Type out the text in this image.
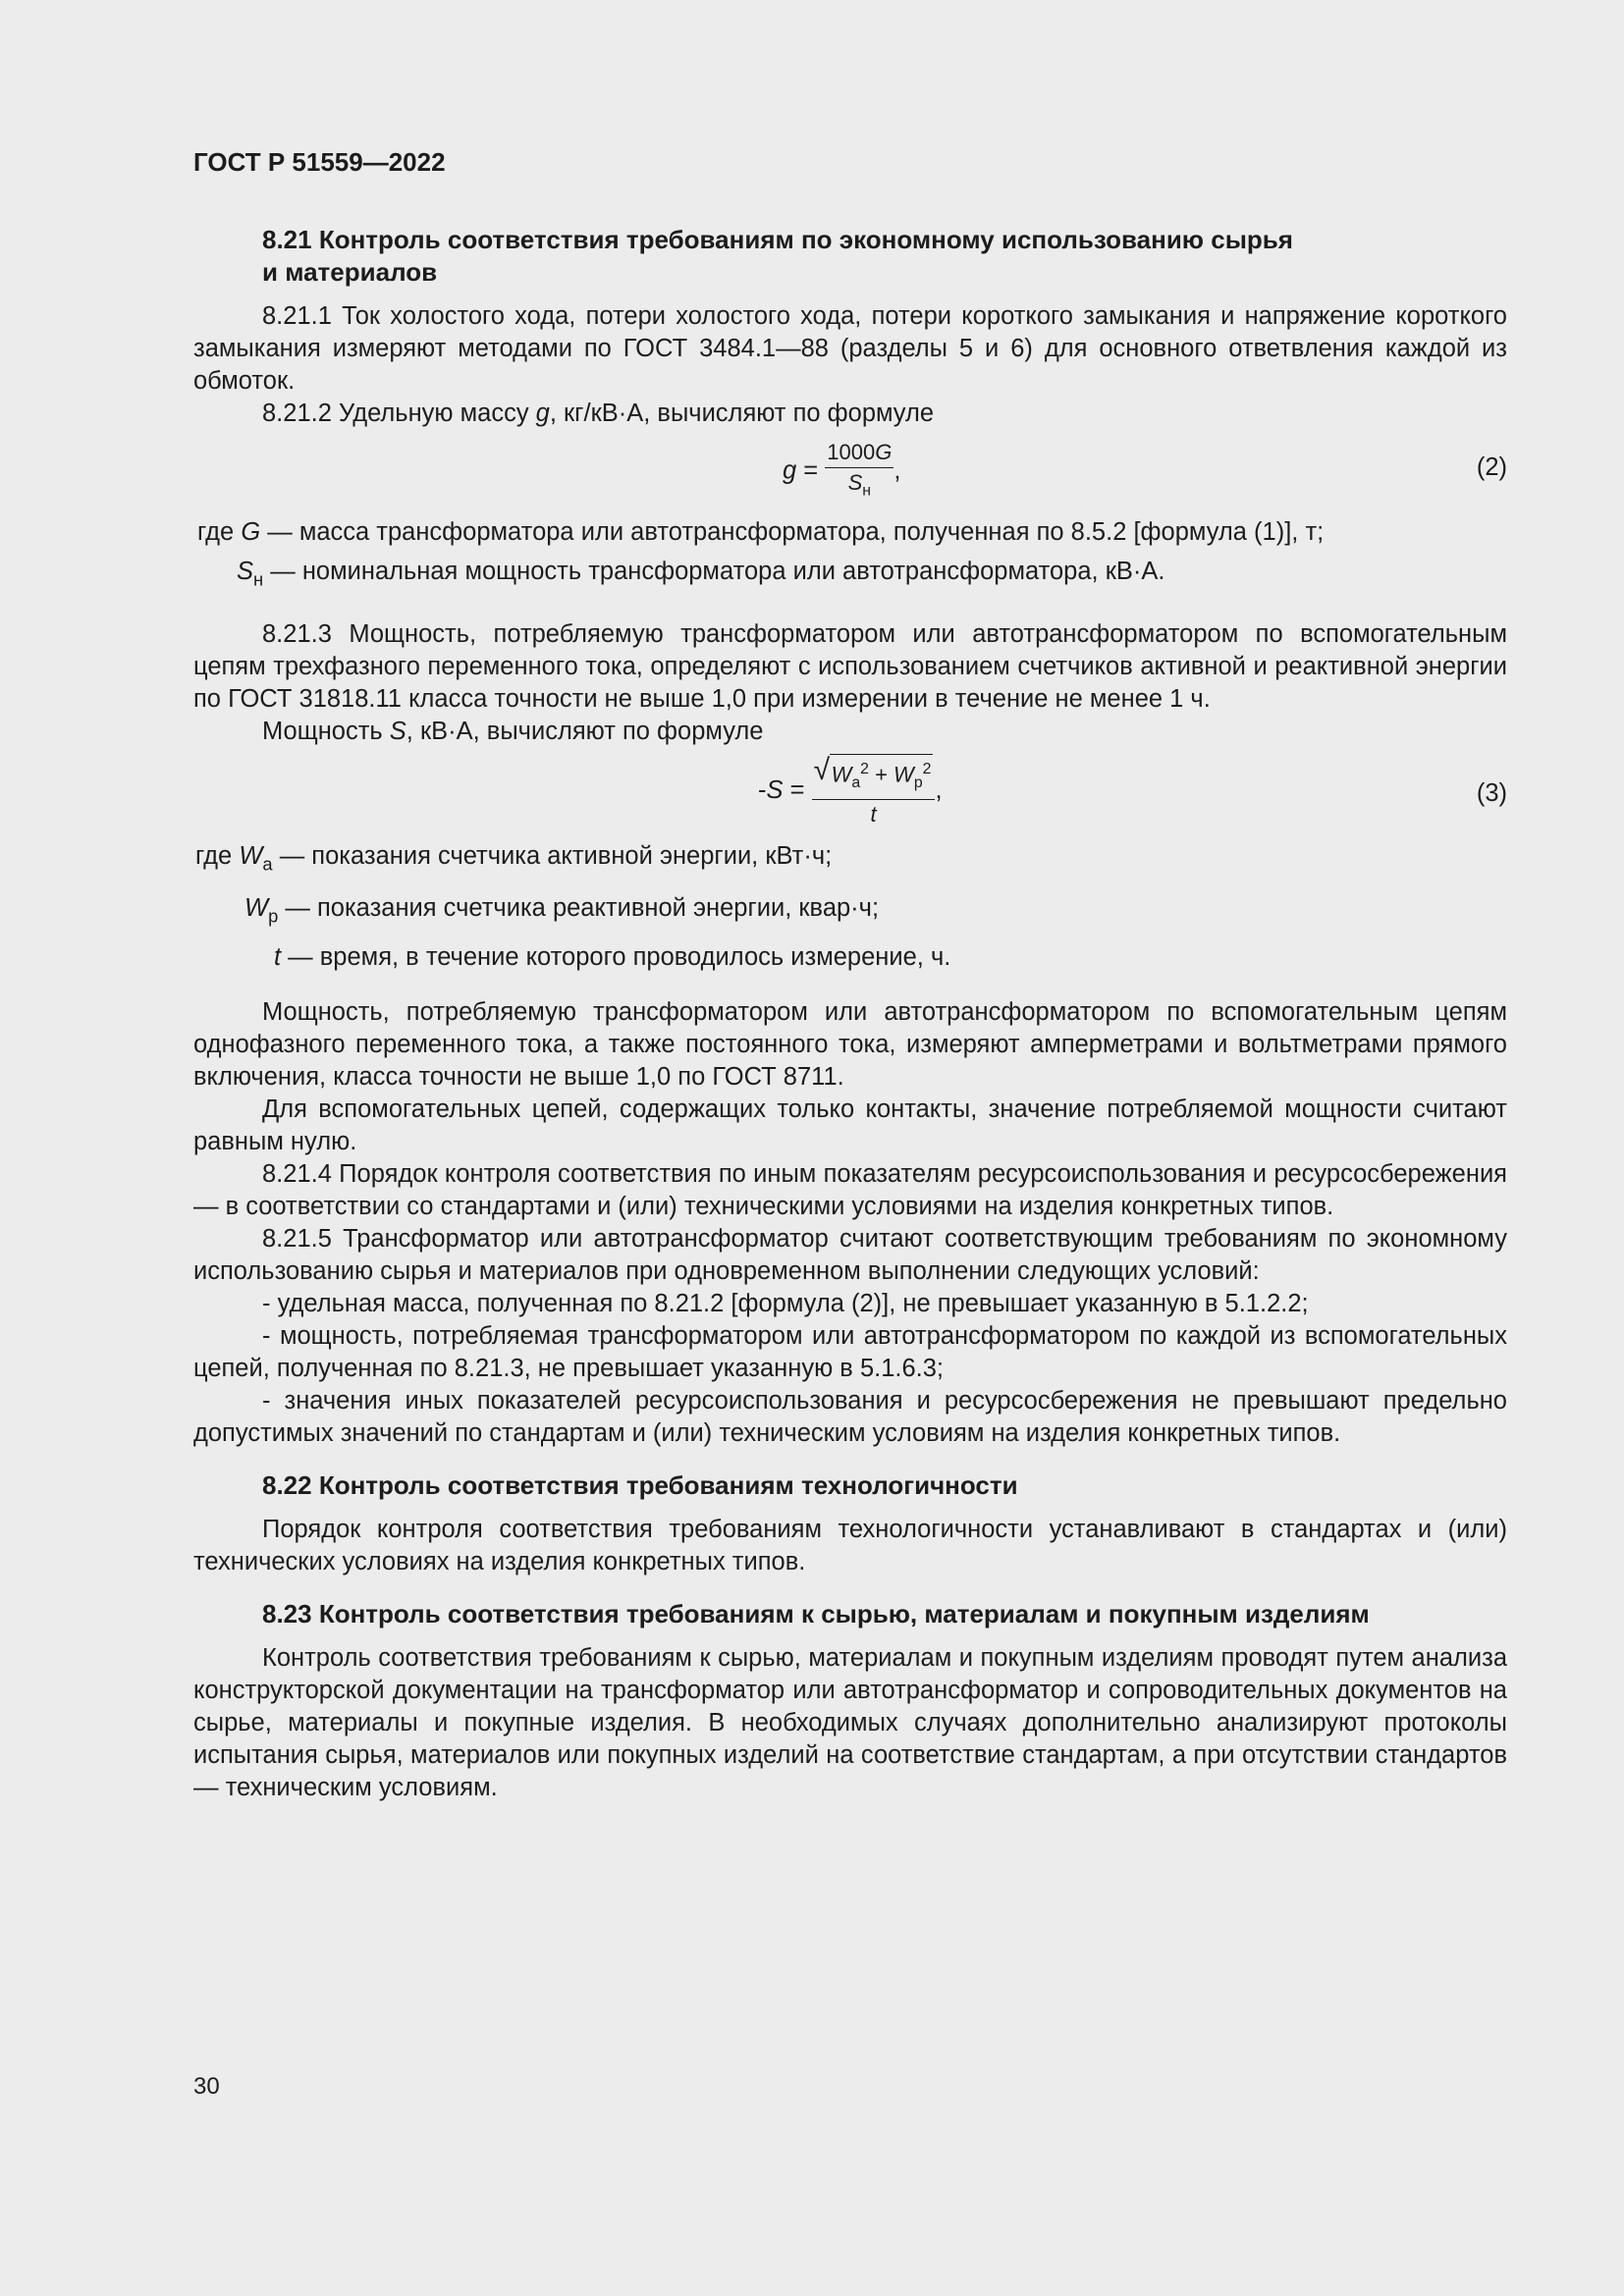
ГОСТ Р 51559—2022

8.21 Контроль соответствия требованиям по экономному использованию сырья

и материалов

8.21.1 Ток холостого хода, потери холостого хода, потери короткого замыкания и напряжение короткого замыкания измеряют методами по ГОСТ 3484.1—88 (разделы 5 и 6) для основного ответвления каждой из обмоток.

8.21.2 Удельную массу g, кг/кВ·А, вычисляют по формуле

$g = \frac{1000G}{S_н}$ ,	(2)

где G — масса трансформатора или автотрансформатора, полученная по 8.5.2 [формула (1)], т;

$S_н$ — номинальная мощность трансформатора или автотрансформатора, кВ·А.

8.21.3 Мощность, потребляемую трансформатором или автотрансформатором по вспомогательным цепям трехфазного переменного тока, определяют с использованием счетчиков активной и реактивной энергии по ГОСТ 31818.11 класса точности не выше 1,0 при измерении в течение не менее 1 ч.

Мощность S, кВ·А, вычисляют по формуле

$-S = \frac{√ W_a^2 + W_р^2}{t}$ ,	(3)

где $W_a$ — показания счетчика активной энергии, кВт·ч;

$W_р$ — показания счетчика реактивной энергии, квар·ч;

t — время, в течение которого проводилось измерение, ч.

Мощность, потребляемую трансформатором или автотрансформатором по вспомогательным цепям однофазного переменного тока, а также постоянного тока, измеряют амперметрами и вольтметрами прямого включения, класса точности не выше 1,0 по ГОСТ 8711.

Для вспомогательных цепей, содержащих только контакты, значение потребляемой мощности считают равным нулю.

8.21.4 Порядок контроля соответствия по иным показателям ресурсоиспользования и ресурсосбережения — в соответствии со стандартами и (или) техническими условиями на изделия конкретных типов.

8.21.5 Трансформатор или автотрансформатор считают соответствующим требованиям по экономному использованию сырья и материалов при одновременном выполнении следующих условий:

- удельная масса, полученная по 8.21.2 [формула (2)], не превышает указанную в 5.1.2.2;

- мощность, потребляемая трансформатором или автотрансформатором по каждой из вспомогательных цепей, полученная по 8.21.3, не превышает указанную в 5.1.6.3;

- значения иных показателей ресурсоиспользования и ресурсосбережения не превышают предельно допустимых значений по стандартам и (или) техническим условиям на изделия конкретных типов.

8.22 Контроль соответствия требованиям технологичности

Порядок контроля соответствия требованиям технологичности устанавливают в стандартах и (или) технических условиях на изделия конкретных типов.

8.23 Контроль соответствия требованиям к сырью, материалам и покупным изделиям

Контроль соответствия требованиям к сырью, материалам и покупным изделиям проводят путем анализа конструкторской документации на трансформатор или автотрансформатор и сопроводительных документов на сырье, материалы и покупные изделия. В необходимых случаях дополнительно анализируют протоколы испытания сырья, материалов или покупных изделий на соответствие стандартам, а при отсутствии стандартов — техническим условиям.

30
